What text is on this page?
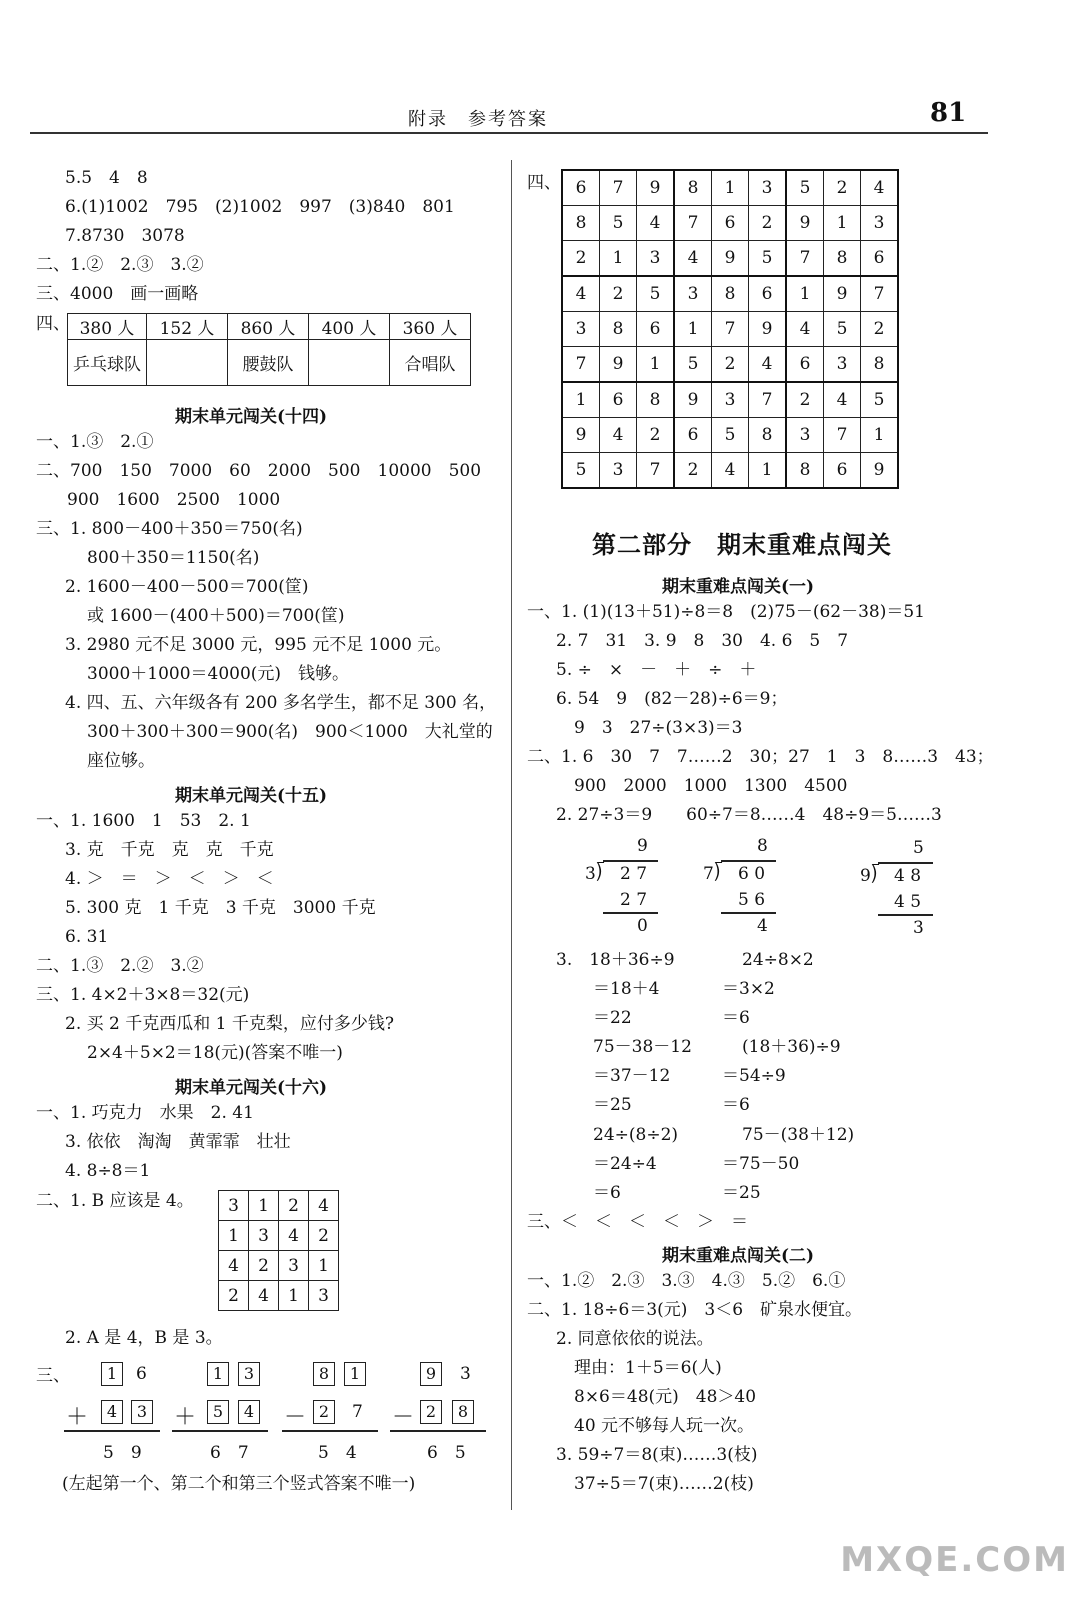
附录　参考答案	81
5.5　4　8
6.(1)1002　795　(2)1002　997　(3)840　801
7.8730　3078
二、1.②　2.③　3.②
三、4000　画一画略
四、 380 人	152 人	860 人	400 人	360 人
乒乓球队		腰鼓队		合唱队
期末单元闯关(十四)
一、1.③　2.①
二、700　150　7000　60　2000　500　10000　500
900　1600　2500　1000
三、1. 800－400＋350＝750(名)
800＋350＝1150(名)
2. 1600－400－500＝700(筐)
或 1600－(400＋500)＝700(筐)
3. 2980 元不足 3000 元，995 元不足 1000 元。
3000＋1000＝4000(元)　钱够。
4. 四、五、六年级各有 200 多名学生，都不足 300 名，
300＋300＋300＝900(名)　900＜1000　大礼堂的
座位够。
期末单元闯关(十五)
一、1. 1600　1　53　2. 1
3. 克　千克　克　克　千克
4. ＞　＝　＞　＜　＞　＜
5. 300 克　1 千克　3 千克　3000 千克
6. 31
二、1.③　2.②　3.②
三、1. 4×2＋3×8＝32(元)
2. 买 2 千克西瓜和 1 千克梨，应付多少钱?
2×4＋5×2＝18(元)(答案不唯一)
期末单元闯关(十六)
一、1. 巧克力　水果　2. 41
3. 依依　淘淘　黄霏霏　壮壮
4. 8÷8＝1
二、1. B 应该是 4。 3	1	2	4
1	3	4	2
4	2	3	1
2	4	1	3
2. A 是 4，B 是 3。
三、	1	6
＋	4	3
5　9
1	3
＋	5	4
6　7
8	1
－ 2	7
5　4
9	3
－ 2	8
6　5
(左起第一个、第二个和第三个竖式答案不唯一)
四、 6	7	9	8	1	3	5	2	4
8	5	4	7	6	2	9	1	3
2	1	3	4	9	5	7	8	6
4	2	5	3	8	6	1	9	7
3	8	6	1	7	9	4	5	2
7	9	1	5	2	4	6	3	8
1	6	8	9	3	7	2	4	5
9	4	2	6	5	8	3	7	1
5	3	7	2	4	1	8	6	9
第二部分　期末重难点闯关
期末重难点闯关(一)
一、1. (1)(13＋51)÷8＝8　(2)75－(62－38)＝51
2. 7　31　3. 9　8　30　4. 6　5　7
5. ÷　×　－　＋　÷　＋
6. 54　9　(82－28)÷6＝9；
9　3　27÷(3×3)＝3
二、1. 6　30　7　7……2　30；27　1　3　8……3　43；
900　2000　1000　1300　4500
2. 27÷3＝9　　60÷7＝8……4　48÷9＝5……3
9
3 ⟌ 2 7
2 7
0
8
7 ⟌ 6 0
5 6
4
5
9 ⟌ 4 8
4 5
3
3.　18＋36÷9	24÷8×2
＝18＋4	＝3×2
＝22	＝6
75－38－12	(18＋36)÷9
＝37－12	＝54÷9
＝25	＝6
24÷(8÷2)	75－(38＋12)
＝24÷4	＝75－50
＝6	＝25
三、＜　＜　＜　＜　＞　＝
期末重难点闯关(二)
一、1.②　2.③　3.③　4.③　5.②　6.①
二、1. 18÷6＝3(元)　3＜6　矿泉水便宜。
2. 同意依依的说法。
理由：1＋5＝6(人)
8×6＝48(元)　48＞40
40 元不够每人玩一次。
3. 59÷7＝8(束)……3(枝)
37÷5＝7(束)……2(枝)
MXQE.COM
